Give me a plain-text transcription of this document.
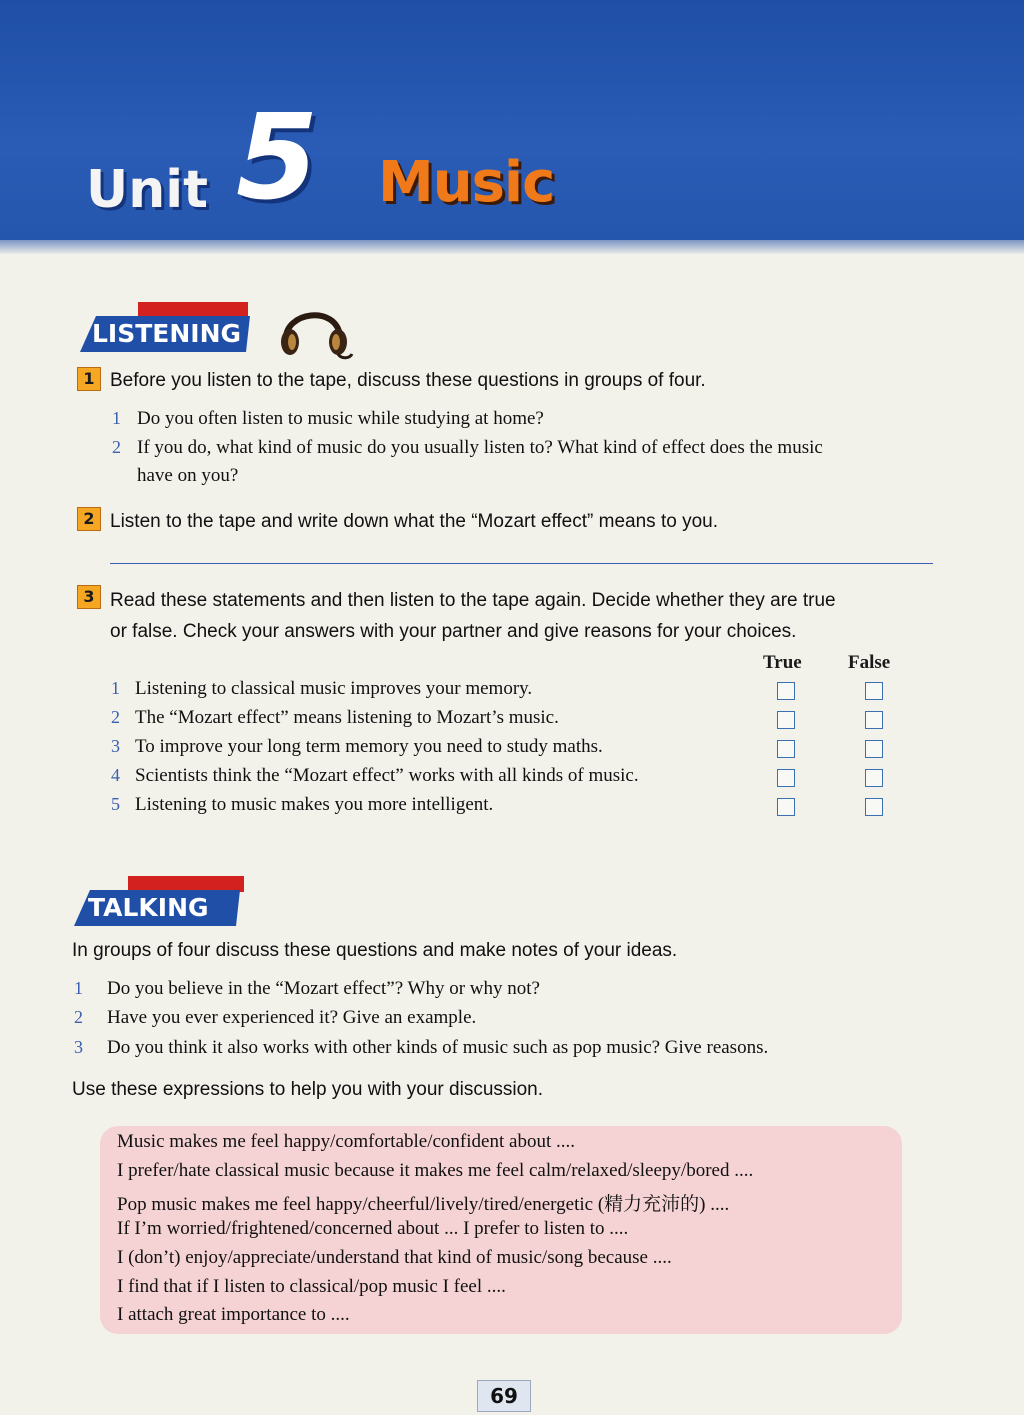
Unit 5 Music
LISTENING
1 Before you listen to the tape, discuss these questions in groups of four.
1 Do you often listen to music while studying at home?
2 If you do, what kind of music do you usually listen to? What kind of effect does the music
have on you?
2 Listen to the tape and write down what the “Mozart effect” means to you.
3 Read these statements and then listen to the tape again. Decide whether they are true
or false. Check your answers with your partner and give reasons for your choices.
True False
1 Listening to classical music improves your memory.
2 The “Mozart effect” means listening to Mozart’s music.
3 To improve your long term memory you need to study maths.
4 Scientists think the “Mozart effect” works with all kinds of music.
5 Listening to music makes you more intelligent.
TALKING
In groups of four discuss these questions and make notes of your ideas.
1 Do you believe in the “Mozart effect”? Why or why not?
2 Have you ever experienced it? Give an example.
3 Do you think it also works with other kinds of music such as pop music? Give reasons.
Use these expressions to help you with your discussion.
Music makes me feel happy/comfortable/confident about ....
I prefer/hate classical music because it makes me feel calm/relaxed/sleepy/bored ....
Pop music makes me feel happy/cheerful/lively/tired/energetic (精力充沛的) ....
If I’m worried/frightened/concerned about ... I prefer to listen to ....
I (don’t) enjoy/appreciate/understand that kind of music/song because ....
I find that if I listen to classical/pop music I feel ....
I attach great importance to ....
69
